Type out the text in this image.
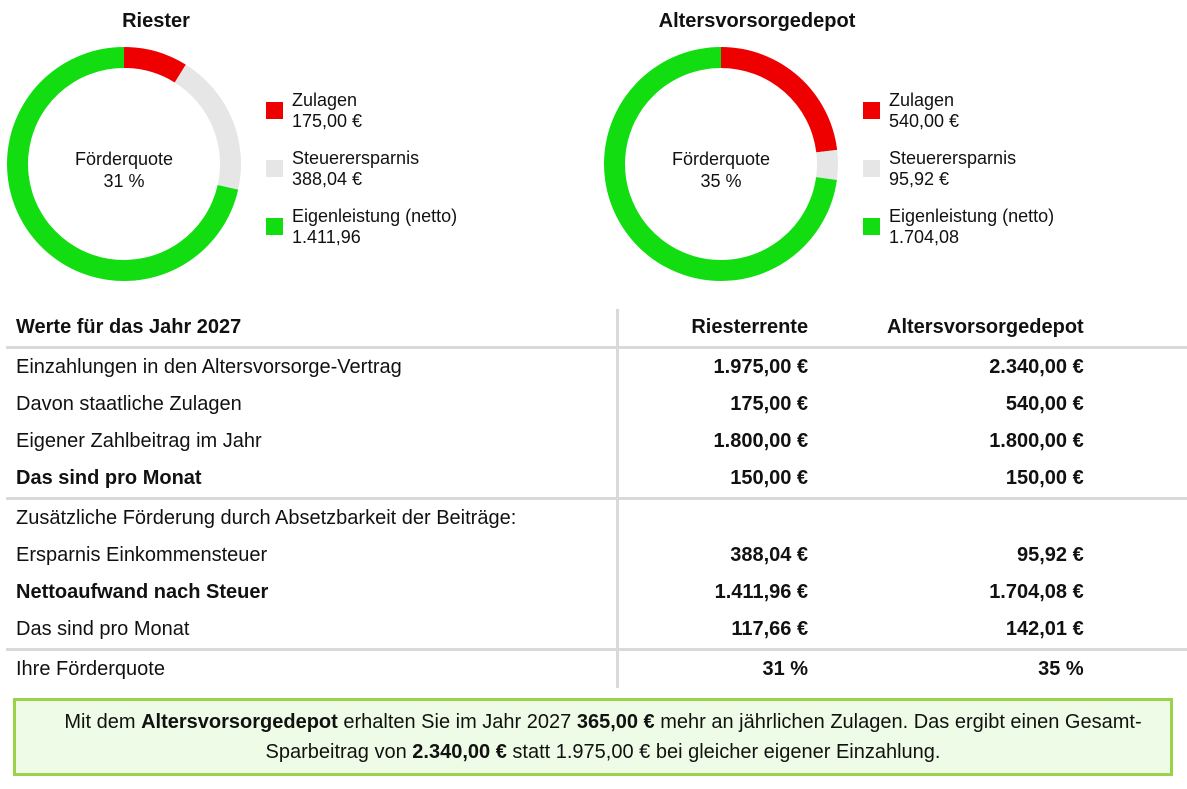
Riester
Förderquote
31 %
Zulagen
175,00 €
Steuerersparnis
388,04 €
Eigenleistung (netto)
1.411,96
Altersvorsorgedepot
Förderquote
35 %
Zulagen
540,00 €
Steuerersparnis
95,92 €
Eigenleistung (netto)
1.704,08
Werte für das Jahr 2027	Riesterrente	Altersvorsorgedepot	
Einzahlungen in den Altersvorsorge-Vertrag	1.975,00 €	2.340,00 €	
Davon staatliche Zulagen	175,00 €	540,00 €	
Eigener Zahlbeitrag im Jahr	1.800,00 €	1.800,00 €	
Das sind pro Monat	150,00 €	150,00 €	
Zusätzliche Förderung durch Absetzbarkeit der Beiträge:			
Ersparnis Einkommensteuer	388,04 €	95,92 €	
Nettoaufwand nach Steuer	1.411,96 €	1.704,08 €	
Das sind pro Monat	117,66 €	142,01 €	
Ihre Förderquote	31 %	35 %	
Mit dem Altersvorsorgedepot erhalten Sie im Jahr 2027 365,00 € mehr an jährlichen Zulagen. Das ergibt einen Gesamt-Sparbeitrag von 2.340,00 € statt 1.975,00 € bei gleicher eigener Einzahlung.
